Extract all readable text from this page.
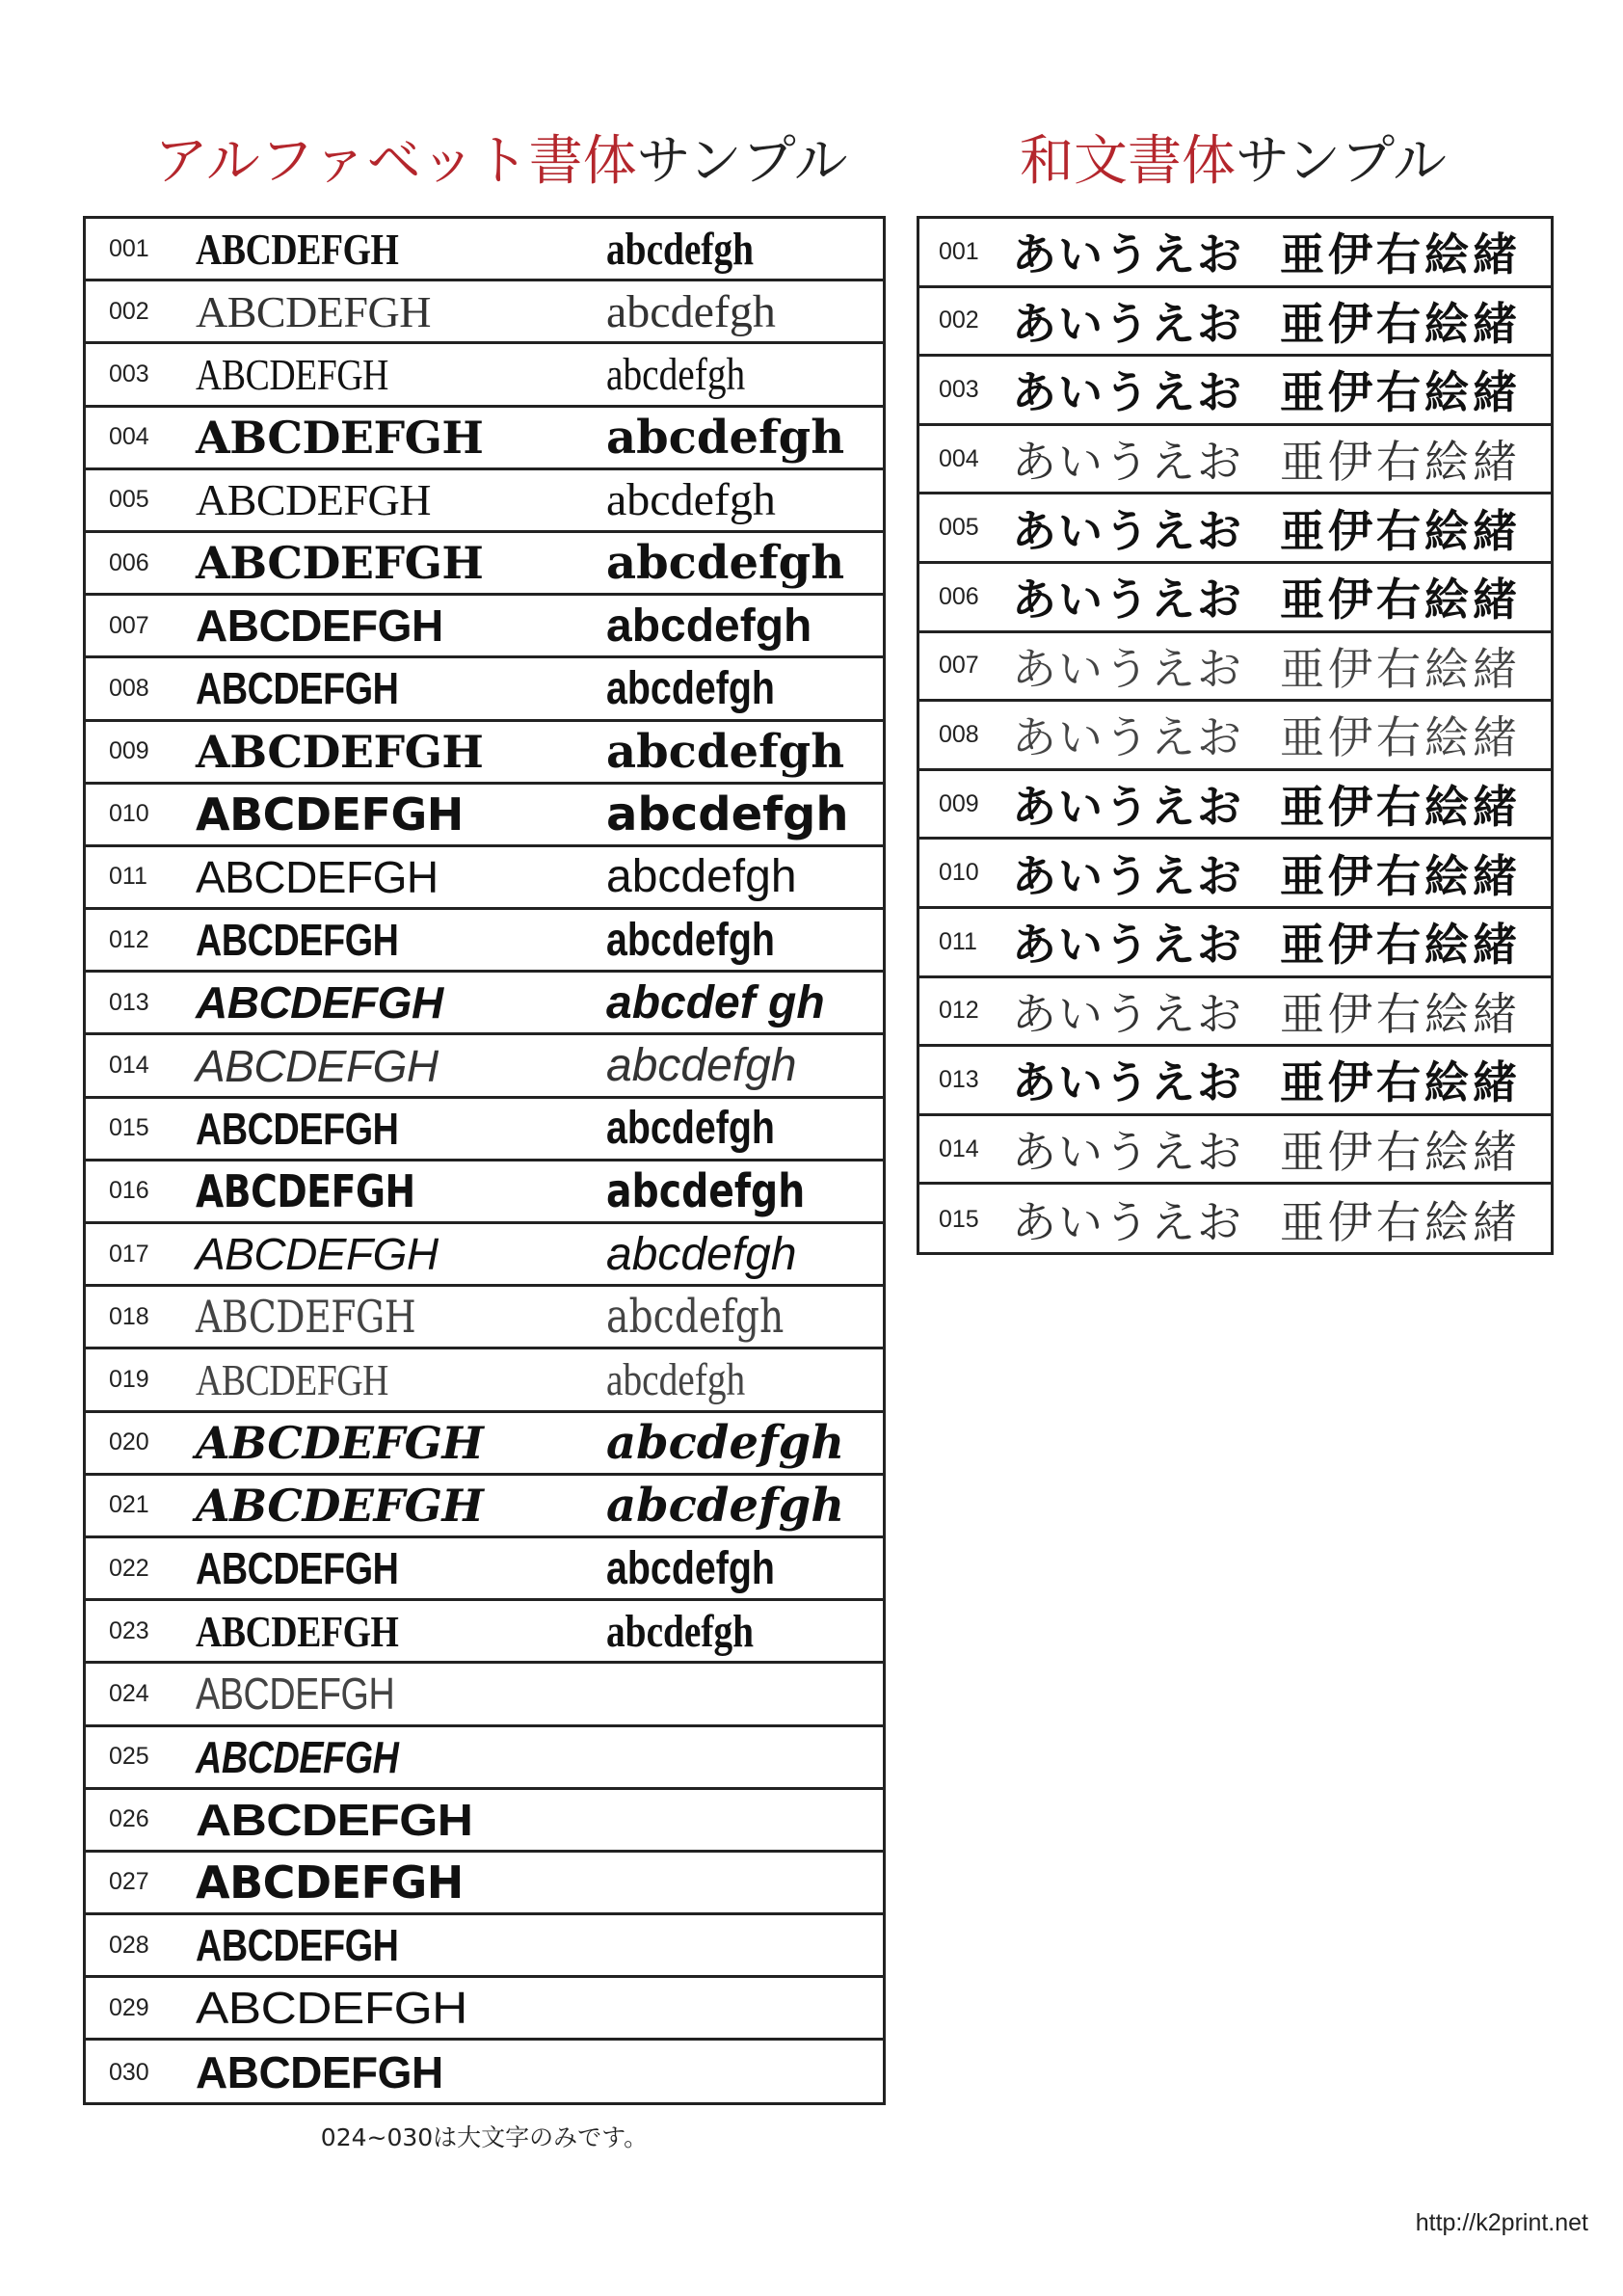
アルファベット書体サンプル	和文書体サンプル
001 ABCDEFGH	abcdefgh
002 ABCDEFGH	abcdefgh
003 ABCDEFGH	abcdefgh
004 ABCDEFGH	abcdefgh
005 ABCDEFGH	abcdefgh
006 ABCDEFGH	abcdefgh
007 ABCDEFGH	abcdefgh
008 ABCDEFGH	abcdefgh
009 ABCDEFGH	abcdefgh
010 ABCDEFGH	abcdefgh
011 ABCDEFGH	abcdefgh
012 ABCDEFGH	abcdefgh
013 ABCDEFGH	abcdef gh
014 ABCDEFGH	abcdefgh
015 ABCDEFGH	abcdefgh
016 ABCDEFGH	abcdefgh
017 ABCDEFGH	abcdefgh
018 ABCDEFGH	abcdefgh
019 ABCDEFGH	abcdefgh
020 ABCDEFGH	abcdefgh
021 ABCDEFGH	abcdefgh
022 ABCDEFGH	abcdefgh
023 ABCDEFGH	abcdefgh
024 ABCDEFGH
025 ABCDEFGH
026 ABCDEFGH
027 ABCDEFGH
028 ABCDEFGH
029 ABCDEFGH
030 ABCDEFGH
001 あいうえお 亜伊右絵緒
002 あいうえお 亜伊右絵緒
003 あいうえお 亜伊右絵緒
004 あいうえお 亜伊右絵緒
005 あいうえお 亜伊右絵緒
006 あいうえお 亜伊右絵緒
007 あいうえお 亜伊右絵緒
008 あいうえお 亜伊右絵緒
009 あいうえお 亜伊右絵緒
010 あいうえお 亜伊右絵緒
011 あいうえお 亜伊右絵緒
012 あいうえお 亜伊右絵緒
013 あいうえお 亜伊右絵緒
014 あいうえお 亜伊右絵緒
015 あいうえお 亜伊右絵緒
024~030は大文字のみです。
http://k2print.net
